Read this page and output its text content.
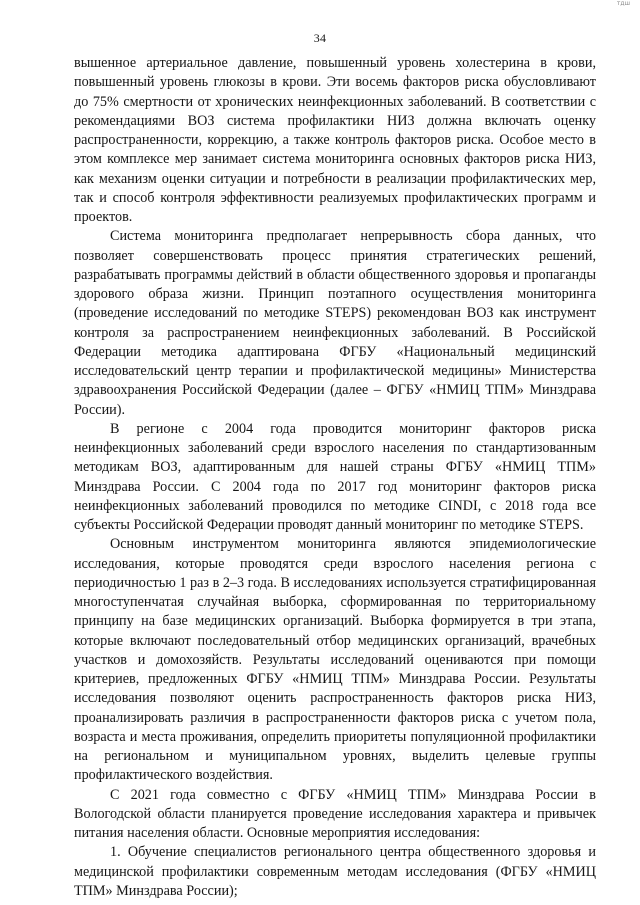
тдш
34

вышенное артериальное давление, повышенный уровень холестерина в крови, повышенный уровень глюкозы в крови. Эти восемь факторов риска обусловливают до 75% смертности от хронических неинфекционных заболеваний. В соответствии с рекомендациями ВОЗ система профилактики НИЗ должна включать оценку распространенности, коррекцию, а также контроль факторов риска. Особое место в этом комплексе мер занимает система мониторинга основных факторов риска НИЗ, как механизм оценки ситуации и потребности в реализации профилактических мер, так и способ контроля эффективности реализуемых профилактических программ и проектов.

Система мониторинга предполагает непрерывность сбора данных, что позволяет совершенствовать процесс принятия стратегических решений, разрабатывать программы действий в области общественного здоровья и пропаганды здорового образа жизни. Принцип поэтапного осуществления мониторинга (проведение исследований по методике STEPS) рекомендован ВОЗ как инструмент контроля за распространением неинфекционных заболеваний. В Российской Федерации методика адаптирована ФГБУ «Национальный медицинский исследовательский центр терапии и профилактической медицины» Министерства здравоохранения Российской Федерации (далее – ФГБУ «НМИЦ ТПМ» Минздрава России).

В регионе с 2004 года проводится мониторинг факторов риска неинфекционных заболеваний среди взрослого населения по стандартизованным методикам ВОЗ, адаптированным для нашей страны ФГБУ «НМИЦ ТПМ» Минздрава России. С 2004 года по 2017 год мониторинг факторов риска неинфекционных заболеваний проводился по методике CINDI, с 2018 года все субъекты Российской Федерации проводят данный мониторинг по методике STEPS.

Основным инструментом мониторинга являются эпидемиологические исследования, которые проводятся среди взрослого населения региона с периодичностью 1 раз в 2–3 года. В исследованиях используется стратифицированная многоступенчатая случайная выборка, сформированная по территориальному принципу на базе медицинских организаций. Выборка формируется в три этапа, которые включают последовательный отбор медицинских организаций, врачебных участков и домохозяйств. Результаты исследований оцениваются при помощи критериев, предложенных ФГБУ «НМИЦ ТПМ» Минздрава России. Результаты исследования позволяют оценить распространенность факторов риска НИЗ, проанализировать различия в распространенности факторов риска с учетом пола, возраста и места проживания, определить приоритеты популяционной профилактики на региональном и муниципальном уровнях, выделить целевые группы профилактического воздействия.

С 2021 года совместно с ФГБУ «НМИЦ ТПМ» Минздрава России в Вологодской области планируется проведение исследования характера и привычек питания населения области. Основные мероприятия исследования:

1. Обучение специалистов регионального центра общественного здоровья и медицинской профилактики современным методам исследования (ФГБУ «НМИЦ ТПМ» Минздрава России);
